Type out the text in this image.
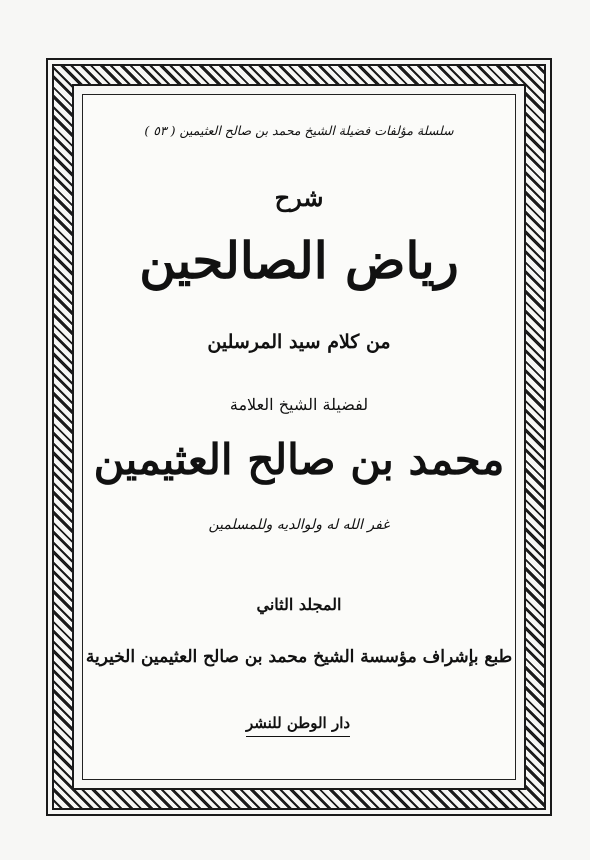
سلسلة مؤلفات فضيلة الشيخ محمد بن صالح العثيمين ( ٥٣ )
شرح
رياض الصالحين
من كلام سيد المرسلين
لفضيلة الشيخ العلامة
محمد بن صالح العثيمين
غفر الله له ولوالديه وللمسلمين
المجلد الثاني
طبع بإشراف مؤسسة الشيخ محمد بن صالح العثيمين الخيرية
دار الوطن للنشر
